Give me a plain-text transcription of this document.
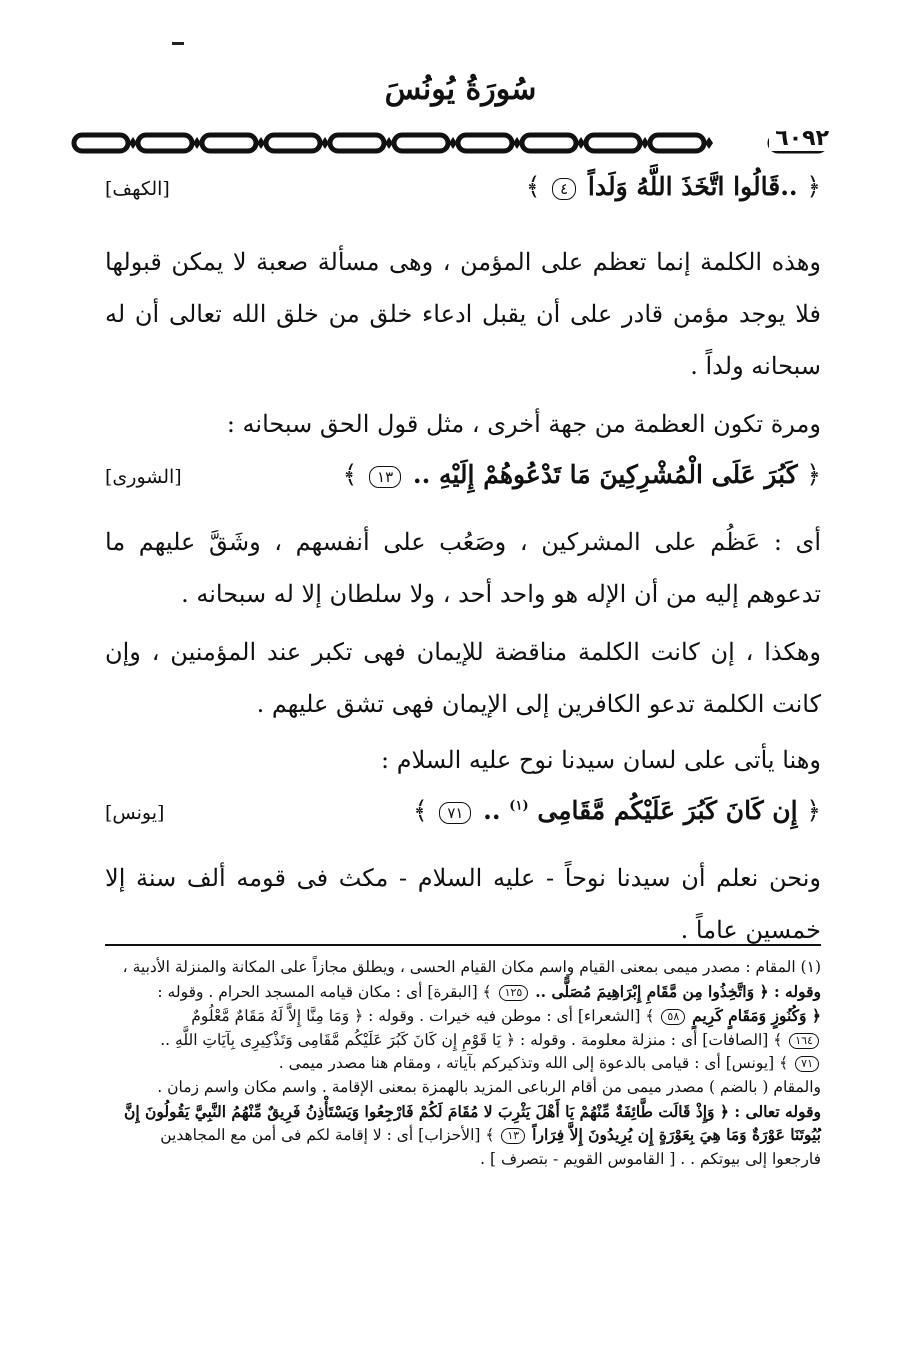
سُورَةُ يُونُسَ
٦٠٩٢
﴿ ..قَالُوا اتَّخَذَ اللَّهُ وَلَداً ٤ ﴾
[الكهف]
وهذه الكلمة إنما تعظم على المؤمن ، وهى مسألة صعبة لا يمكن قبولها فلا يوجد مؤمن قادر على أن يقبل ادعاء خلق من خلق الله تعالى أن له سبحانه ولداً .
ومرة تكون العظمة من جهة أخرى ، مثل قول الحق سبحانه :
﴿ كَبُرَ عَلَى الْمُشْرِكِينَ مَا تَدْعُوهُمْ إِلَيْهِ .. ١٣ ﴾
[الشورى]
أى : عَظُم على المشركين ، وصَعُب على أنفسهم ، وشَقَّ عليهم ما تدعوهم إليه من أن الإله هو واحد أحد ، ولا سلطان إلا له سبحانه .
وهكذا ، إن كانت الكلمة مناقضة للإيمان فهى تكبر عند المؤمنين ، وإن كانت الكلمة تدعو الكافرين إلى الإيمان فهى تشق عليهم .
وهنا يأتى على لسان سيدنا نوح عليه السلام :
﴿ إِن كَانَ كَبُرَ عَلَيْكُم مَّقَامِى $^{(١)}$ .. ٧١ ﴾
[يونس]
ونحن نعلم أن سيدنا نوحاً - عليه السلام - مكث فى قومه ألف سنة إلا خمسين عاماً .
(١) المقام : مصدر ميمى بمعنى القيام واسم مكان القيام الحسى ، ويطلق مجازاً على المكانة والمنزلة الأدبية ،
وقوله : ﴿ وَاتَّخِذُوا مِن مَّقَامِ إِبْرَاهِيمَ مُصَلًّى .. ١٢٥ ﴾ [البقرة] أى : مكان قيامه المسجد الحرام . وقوله :
﴿ وَكُنُوزٍ وَمَقَامٍ كَرِيمٍ ٥٨ ﴾ [الشعراء] أى : موطن فيه خيرات . وقوله : ﴿ وَمَا مِنَّا إِلاَّ لَهُ مَقَامٌ مَّعْلُومٌ
١٦٤ ﴾ [الصافات] أى : منزلة معلومة . وقوله : ﴿ يَا قَوْمِ إِن كَانَ كَبُرَ عَلَيْكُم مَّقَامِى وَتَذْكِيرِى بِآيَاتِ اللَّهِ ..
٧١ ﴾ [يونس] أى : قيامى بالدعوة إلى الله وتذكيركم بآياته ، ومقام هنا مصدر ميمى .
والمقام ( بالضم ) مصدر ميمى من أقام الرباعى المزيد بالهمزة بمعنى الإقامة . واسم مكان واسم زمان .
وقوله تعالى : ﴿ وَإِذْ قَالَت طَّائِفَةٌ مِّنْهُمْ يَا أَهْلَ يَثْرِبَ لا مُقَامَ لَكُمْ فَارْجِعُوا وَيَسْتَأْذِنُ فَرِيقٌ مِّنْهُمُ النَّبِيَّ يَقُولُونَ إِنَّ
بُيُوتَنَا عَوْرَةٌ وَمَا هِيَ بِعَوْرَةٍ إِن يُرِيدُونَ إِلاَّ فِرَاراً ١٣ ﴾ [الأحزاب] أى : لا إقامة لكم فى أمن مع المجاهدين
فارجعوا إلى بيوتكم . . [ القاموس القويم - بتصرف ] .
